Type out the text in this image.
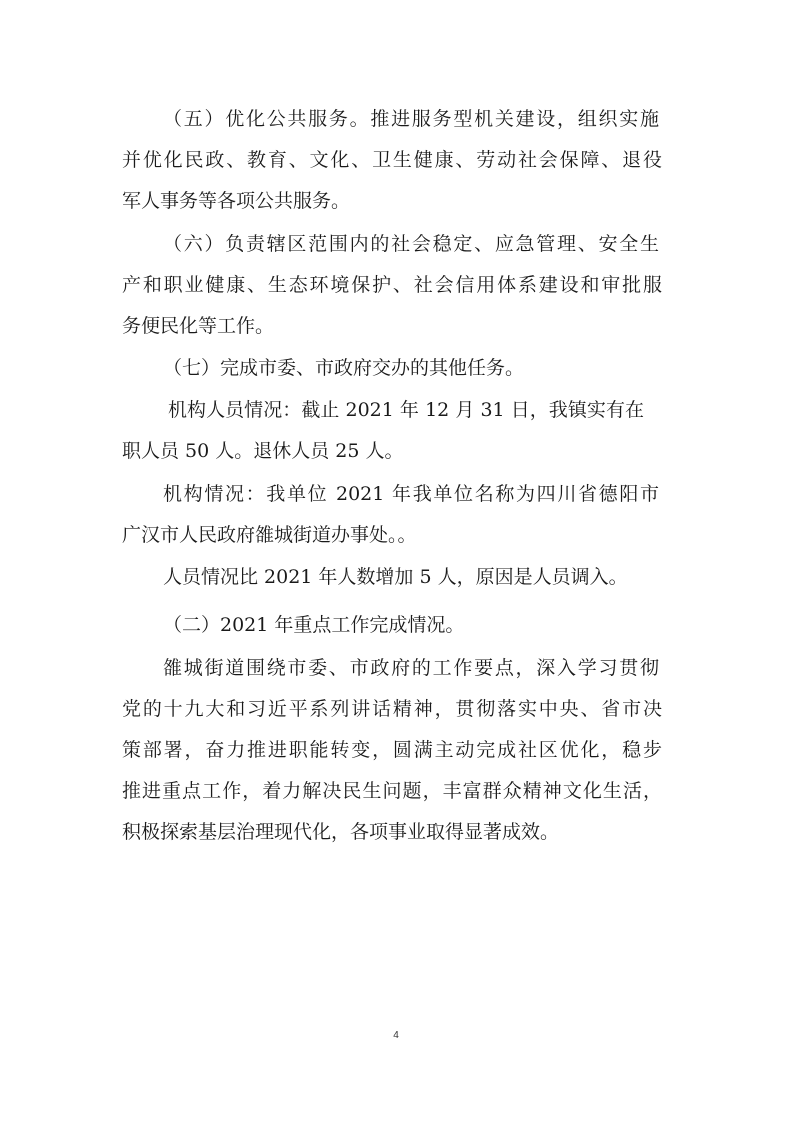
（五）优化公共服务。推进服务型机关建设，组织实施
并优化民政、教育、文化、卫生健康、劳动社会保障、退役
军人事务等各项公共服务。
（六）负责辖区范围内的社会稳定、应急管理、安全生
产和职业健康、生态环境保护、社会信用体系建设和审批服
务便民化等工作。
（七）完成市委、市政府交办的其他任务。
机构人员情况：截止 2021 年 12 月 31 日，我镇实有在
职人员 50 人。退休人员 25 人。
机构情况：我单位 2021 年我单位名称为四川省德阳市
广汉市人民政府雒城街道办事处。。
人员情况比 2021 年人数增加 5 人，原因是人员调入。
（二）2021 年重点工作完成情况。
雒城街道围绕市委、市政府的工作要点，深入学习贯彻
党的十九大和习近平系列讲话精神，贯彻落实中央、省市决
策部署，奋力推进职能转变，圆满主动完成社区优化，稳步
推进重点工作，着力解决民生问题，丰富群众精神文化生活，
积极探索基层治理现代化，各项事业取得显著成效。
4
